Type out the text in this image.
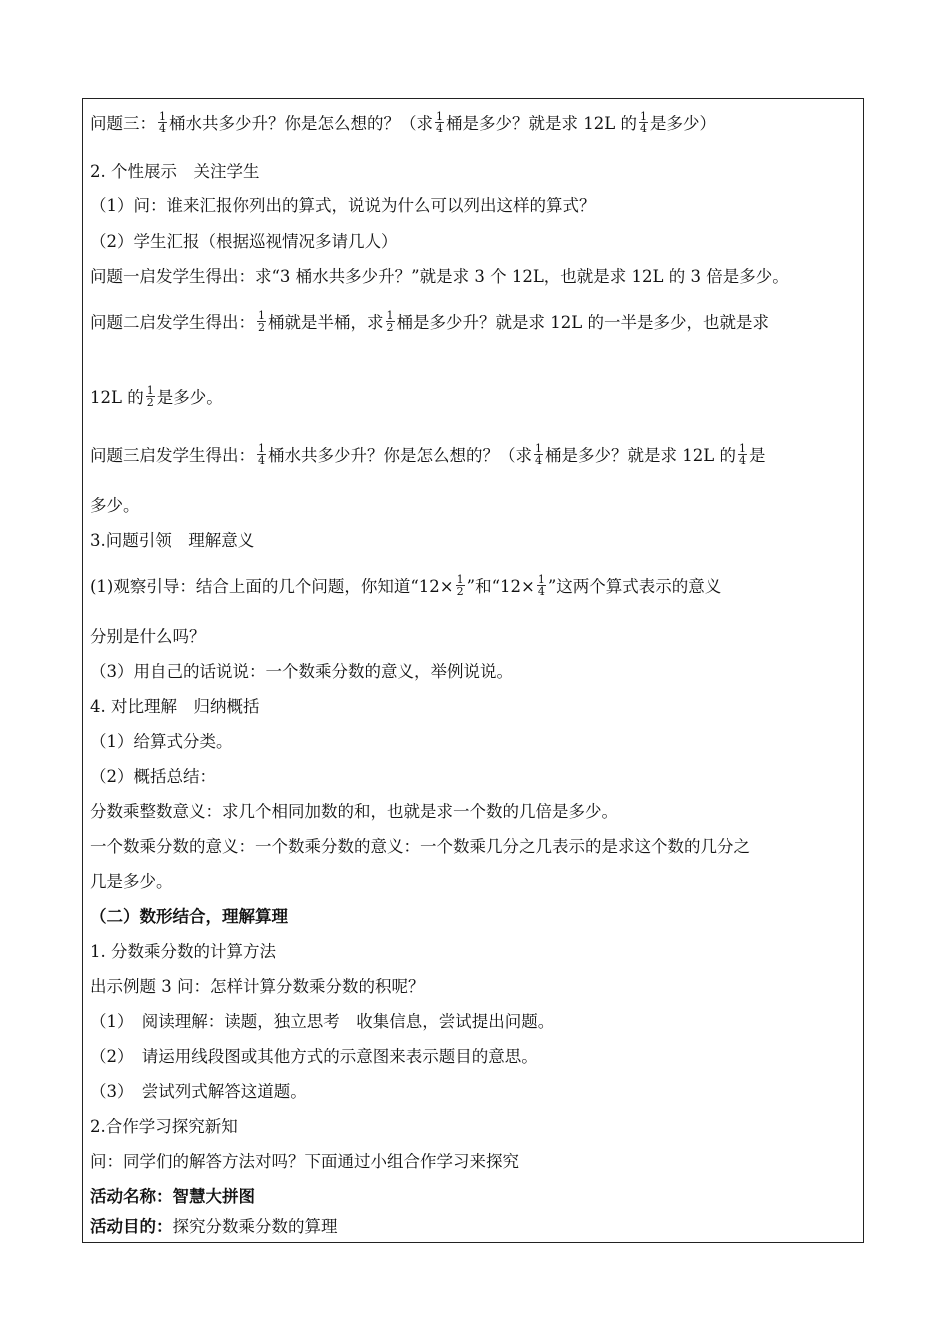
问题三： $\frac{1}{4}$ 桶水共多少升？你是怎么想的？（求 $\frac{1}{4}$ 桶是多少？就是求 12L 的 $\frac{1}{4}$ 是多少）
2. 个性展示　关注学生
（1）问：谁来汇报你列出的算式，说说为什么可以列出这样的算式？
（2）学生汇报（根据巡视情况多请几人）
问题一启发学生得出：求“3 桶水共多少升？”就是求 3 个 12L，也就是求 12L 的 3 倍是多少。
问题二启发学生得出： $\frac{1}{2}$ 桶就是半桶，求 $\frac{1}{2}$ 桶是多少升？就是求 12L 的一半是多少，也就是求
12L 的 $\frac{1}{2}$ 是多少。
问题三启发学生得出： $\frac{1}{4}$ 桶水共多少升？你是怎么想的？（求 $\frac{1}{4}$ 桶是多少？就是求 12L 的 $\frac{1}{4}$ 是
多少。
3.问题引领　理解意义
(1)观察引导：结合上面的几个问题，你知道“$12\times \frac{1}{2}$ ”和“$12\times \frac{1}{4}$ ”这两个算式表示的意义
分别是什么吗？
（3）用自己的话说说：一个数乘分数的意义，举例说说。
4. 对比理解　归纳概括
（1）给算式分类。
（2）概括总结：
分数乘整数意义：求几个相同加数的和，也就是求一个数的几倍是多少。
一个数乘分数的意义：一个数乘分数的意义：一个数乘几分之几表示的是求这个数的几分之
几是多少。
（二）数形结合，理解算理
1. 分数乘分数的计算方法
出示例题 3 问：怎样计算分数乘分数的积呢？
（1）　阅读理解：读题，独立思考　收集信息，尝试提出问题。
（2）　请运用线段图或其他方式的示意图来表示题目的意思。
（3）　尝试列式解答这道题。
2.合作学习探究新知
问：同学们的解答方法对吗？下面通过小组合作学习来探究
活动名称：智慧大拼图
活动目的：探究分数乘分数的算理
